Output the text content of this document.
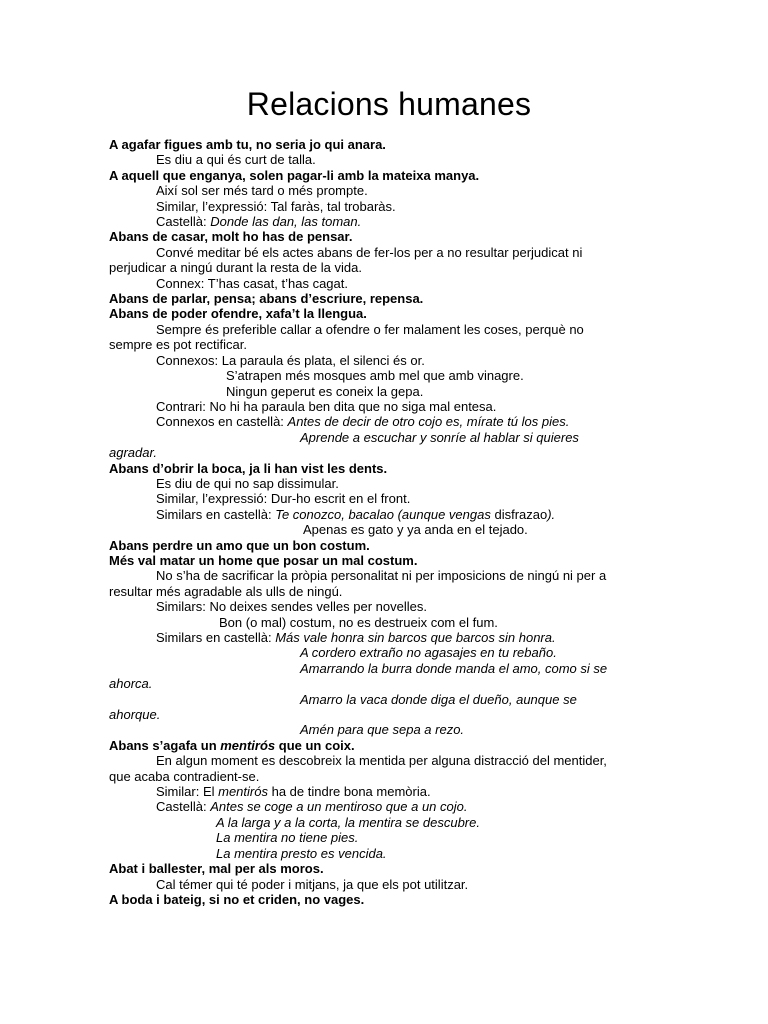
Relacions humanes
A agafar figues amb tu, no seria jo qui anara.
Es diu a qui és curt de talla.
A aquell que enganya, solen pagar-li amb la mateixa manya.
Així sol ser més tard o més prompte.
Similar, l’expressió: Tal faràs, tal trobaràs.
Castellà: Donde las dan, las toman.
Abans de casar, molt ho has de pensar.
Convé meditar bé els actes abans de fer-los per a no resultar perjudicat ni
perjudicar a ningú durant la resta de la vida.
Connex: T’has casat, t’has cagat.
Abans de parlar, pensa; abans d’escriure, repensa.
Abans de poder ofendre, xafa’t la llengua.
Sempre és preferible callar a ofendre o fer malament les coses, perquè no
sempre es pot rectificar.
Connexos: La paraula és plata, el silenci és or.
S’atrapen més mosques amb mel que amb vinagre.
Ningun geperut es coneix la gepa.
Contrari: No hi ha paraula ben dita que no siga mal entesa.
Connexos en castellà: Antes de decir de otro cojo es, mírate tú los pies.
Aprende a escuchar y sonríe al hablar si quieres
agradar.
Abans d’obrir la boca, ja li han vist les dents.
Es diu de qui no sap dissimular.
Similar, l’expressió: Dur-ho escrit en el front.
Similars en castellà: Te conozco, bacalao (aunque vengas disfrazao).
Apenas es gato y ya anda en el tejado.
Abans perdre un amo que un bon costum.
Més val matar un home que posar un mal costum.
No s’ha de sacrificar la pròpia personalitat ni per imposicions de ningú ni per a
resultar més agradable als ulls de ningú.
Similars: No deixes sendes velles per novelles.
Bon (o mal) costum, no es destrueix com el fum.
Similars en castellà: Más vale honra sin barcos que barcos sin honra.
A cordero extraño no agasajes en tu rebaño.
Amarrando la burra donde manda el amo, como si se
ahorca.
Amarro la vaca donde diga el dueño, aunque se
ahorque.
Amén para que sepa a rezo.
Abans s’agafa un mentirós que un coix.
En algun moment es descobreix la mentida per alguna distracció del mentider,
que acaba contradient-se.
Similar: El mentirós ha de tindre bona memòria.
Castellà: Antes se coge a un mentiroso que a un cojo.
A la larga y a la corta, la mentira se descubre.
La mentira no tiene pies.
La mentira presto es vencida.
Abat i ballester, mal per als moros.
Cal témer qui té poder i mitjans, ja que els pot utilitzar.
A boda i bateig, si no et criden, no vages.
